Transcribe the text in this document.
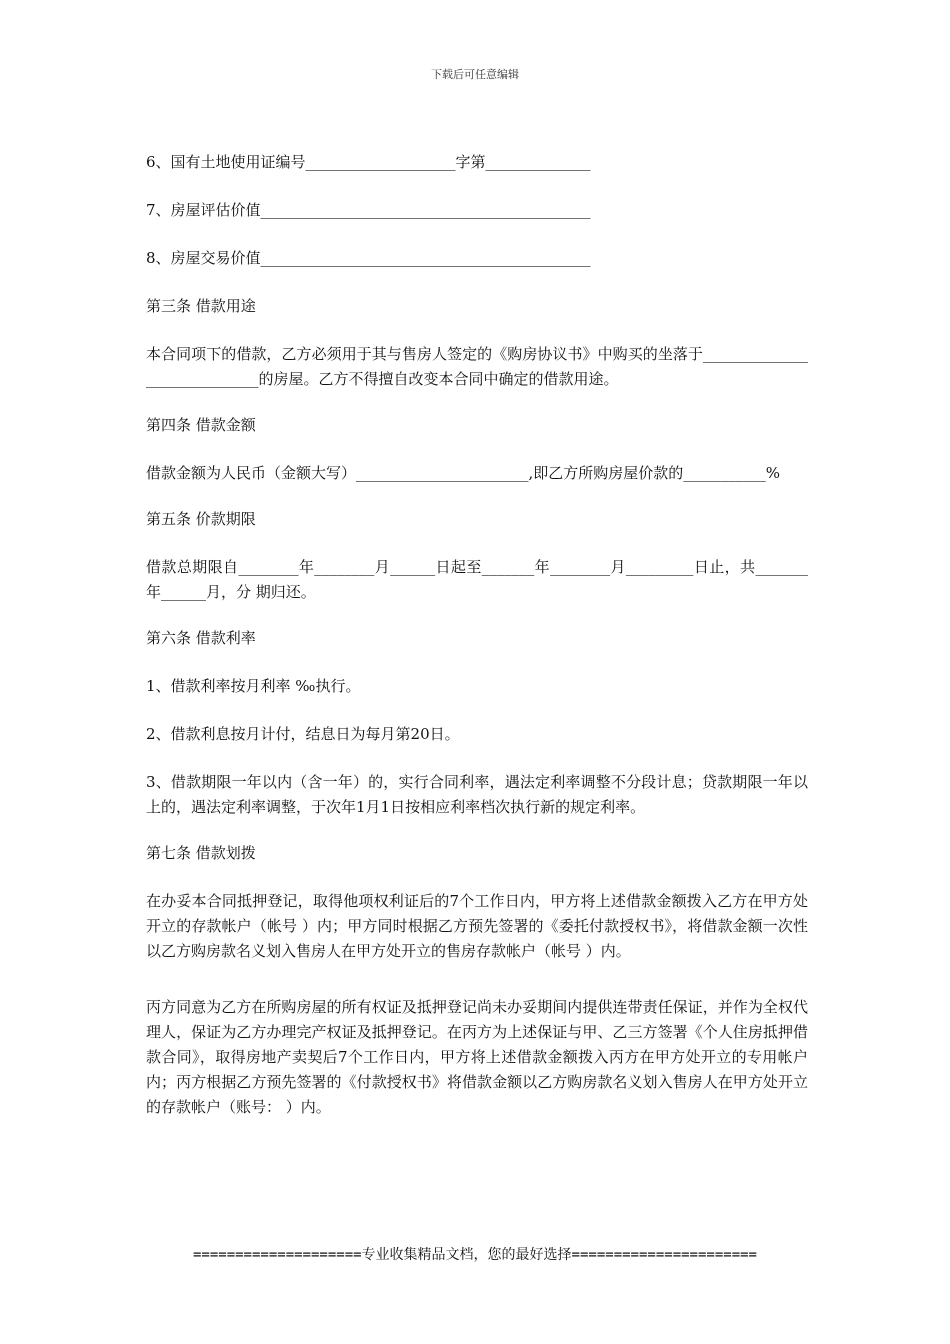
下载后可任意编辑

6、国有土地使用证编号____________________字第______________

7、房屋评估价值____________________________________________

8、房屋交易价值____________________________________________

第三条 借款用途

本合同项下的借款，乙方必须用于其与售房人签定的《购房协议书》中购买的坐落于_____________________________的房屋。乙方不得擅自改变本合同中确定的借款用途。

第四条 借款金额

借款金额为人民币（金额大写）_______________________,即乙方所购房屋价款的___________%

第五条 价款期限

借款总期限自________年________月______日起至_______年________月_________日止，共_______年______月，分 期归还。

第六条 借款利率

1、借款利率按月利率 ‰执行。

2、借款利息按月计付，结息日为每月第20日。

3、借款期限一年以内（含一年）的，实行合同利率，遇法定利率调整不分段计息；贷款期限一年以上的，遇法定利率调整，于次年1月1日按相应利率档次执行新的规定利率。

第七条 借款划拨

在办妥本合同抵押登记，取得他项权利证后的7个工作日内，甲方将上述借款金额拨入乙方在甲方处开立的存款帐户（帐号 ）内；甲方同时根据乙方预先签署的《委托付款授权书》，将借款金额一次性以乙方购房款名义划入售房人在甲方处开立的售房存款帐户（帐号 ）内。

丙方同意为乙方在所购房屋的所有权证及抵押登记尚未办妥期间内提供连带责任保证，并作为全权代理人，保证为乙方办理完产权证及抵押登记。在丙方为上述保证与甲、乙三方签署《个人住房抵押借款合同》，取得房地产卖契后7个工作日内，甲方将上述借款金额拨入丙方在甲方处开立的专用帐户内；丙方根据乙方预先签署的《付款授权书》将借款金额以乙方购房款名义划入售房人在甲方处开立的存款帐户（账号： ）内。

====================专业收集精品文档，您的最好选择======================
